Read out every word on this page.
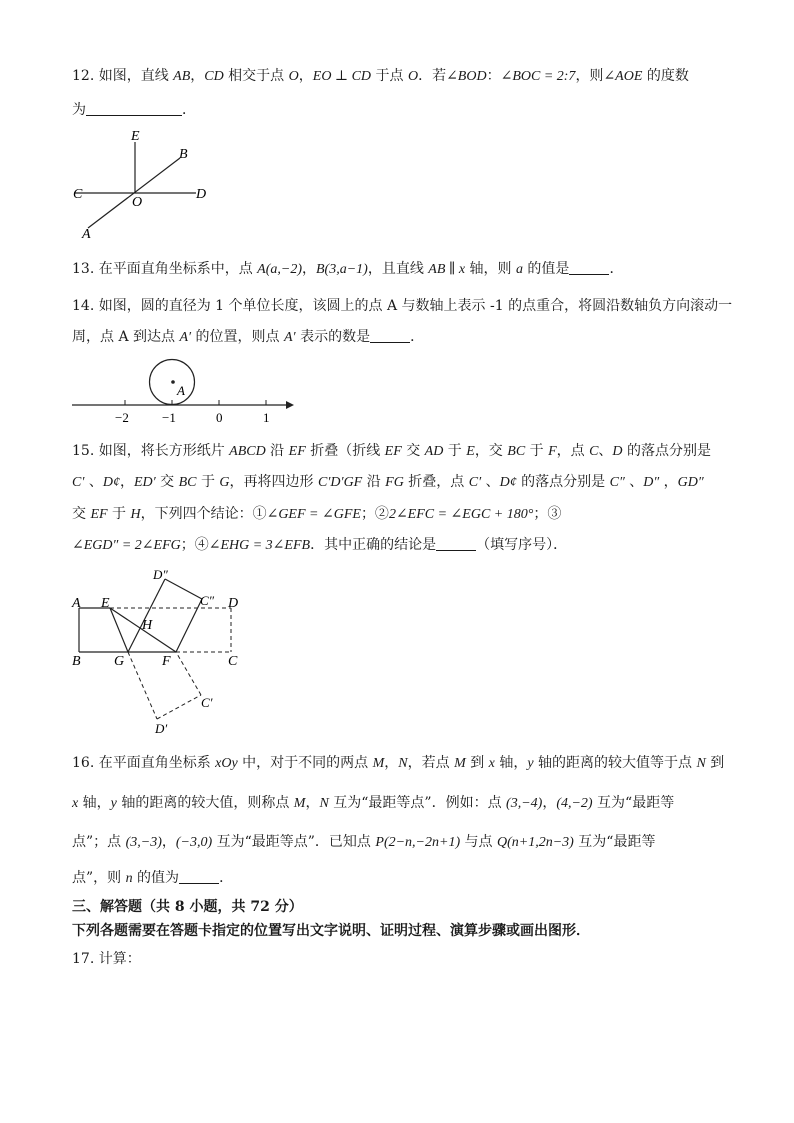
12. 如图，直线 AB，CD 相交于点 O，EO ⊥ CD 于点 O．若∠BOD：∠BOC = 2:7，则∠AOE 的度数
为	．
E
B
C
O
D
A
13. 在平面直角坐标系中，点 A(a,−2)，B(3,a−1)，且直线 AB ∥ x 轴，则 a 的值是	．
14. 如图，圆的直径为 1 个单位长度，该圆上的点 A 与数轴上表示 -1 的点重合，将圆沿数轴负方向滚动一
周，点 A 到达点 A′ 的位置，则点 A′ 表示的数是	．
A
−2	−1	0	1
15. 如图，将长方形纸片 ABCD 沿 EF 折叠（折线 EF 交 AD 于 E，交 BC 于 F，点 C、D 的落点分别是
C′ 、D¢，ED′ 交 BC 于 G，再将四边形 C′D′GF 沿 FG 折叠，点 C′ 、D¢ 的落点分别是 C″ 、D″ ，GD″
交 EF 于 H，下列四个结论：①∠GEF = ∠GFE；②2∠EFC = ∠EGC + 180°；③
∠EGD″ = 2∠EFG；④∠EHG = 3∠EFB．其中正确的结论是	（填写序号）．
A E	D
B G	F	C
H
D″
C″
C′
D′
16. 在平面直角坐标系 xOy 中，对于不同的两点 M，N，若点 M 到 x 轴，y 轴的距离的较大值等于点 N 到
x 轴，y 轴的距离的较大值，则称点 M，N 互为“最距等点”．例如：点 (3,−4)，(4,−2) 互为“最距等
点”；点 (3,−3)，(−3,0) 互为“最距等点”．已知点 P(2−n,−2n+1) 与点 Q(n+1,2n−3) 互为“最距等
点”，则 n 的值为	．
三、解答题（共 8 小题，共 72 分）
下列各题需要在答题卡指定的位置写出文字说明、证明过程、演算步骤或画出图形．
17. 计算：
